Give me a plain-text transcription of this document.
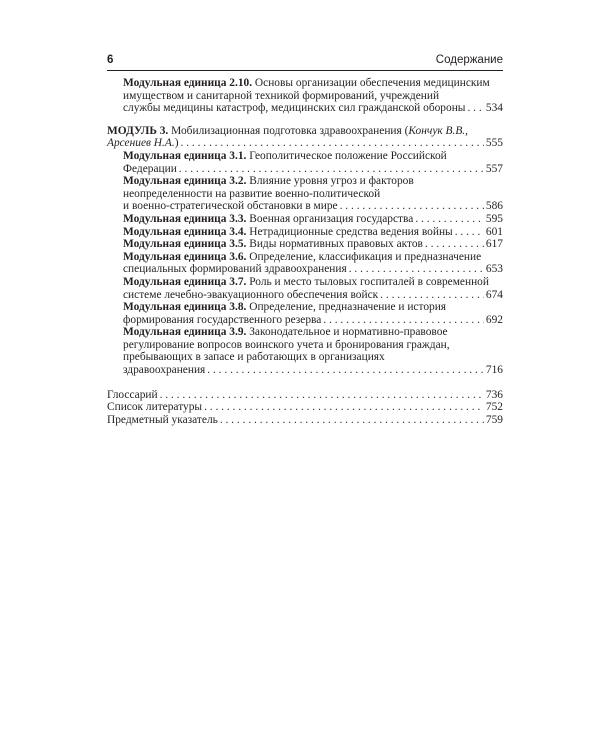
6	Содержание
Модульная единица 2.10. Основы организации обеспечения медицинским
имуществом и санитарной техникой формирований, учреждений
службы медицины катастроф, медицинских сил гражданской обороны . . . 534
МОДУЛЬ 3. Мобилизационная подготовка здравоохранения (Кончук В.В.,
Арсениев Н.А.) . . .	555
Модульная единица 3.1. Геополитическое положение Российской
Федерации . . .	557
Модульная единица 3.2. Влияние уровня угроз и факторов
неопределенности на развитие военно-политической
и военно-стратегической обстановки в мире . . .	586
Модульная единица 3.3. Военная организация государства . . .	595
Модульная единица 3.4. Нетрадиционные средства ведения войны . . .	601
Модульная единица 3.5. Виды нормативных правовых актов . . .	617
Модульная единица 3.6. Определение, классификация и предназначение
специальных формирований здравоохранения . . .	653
Модульная единица 3.7. Роль и место тыловых госпиталей в современной
системе лечебно-эвакуационного обеспечения войск . . .	674
Модульная единица 3.8. Определение, предназначение и история
формирования государственного резерва . . .	692
Модульная единица 3.9. Законодательное и нормативно-правовое
регулирование вопросов воинского учета и бронирования граждан,
пребывающих в запасе и работающих в организациях
здравоохранения . . .	716
Глоссарий . . .	736
Список литературы . . .	752
Предметный указатель . . .	759
